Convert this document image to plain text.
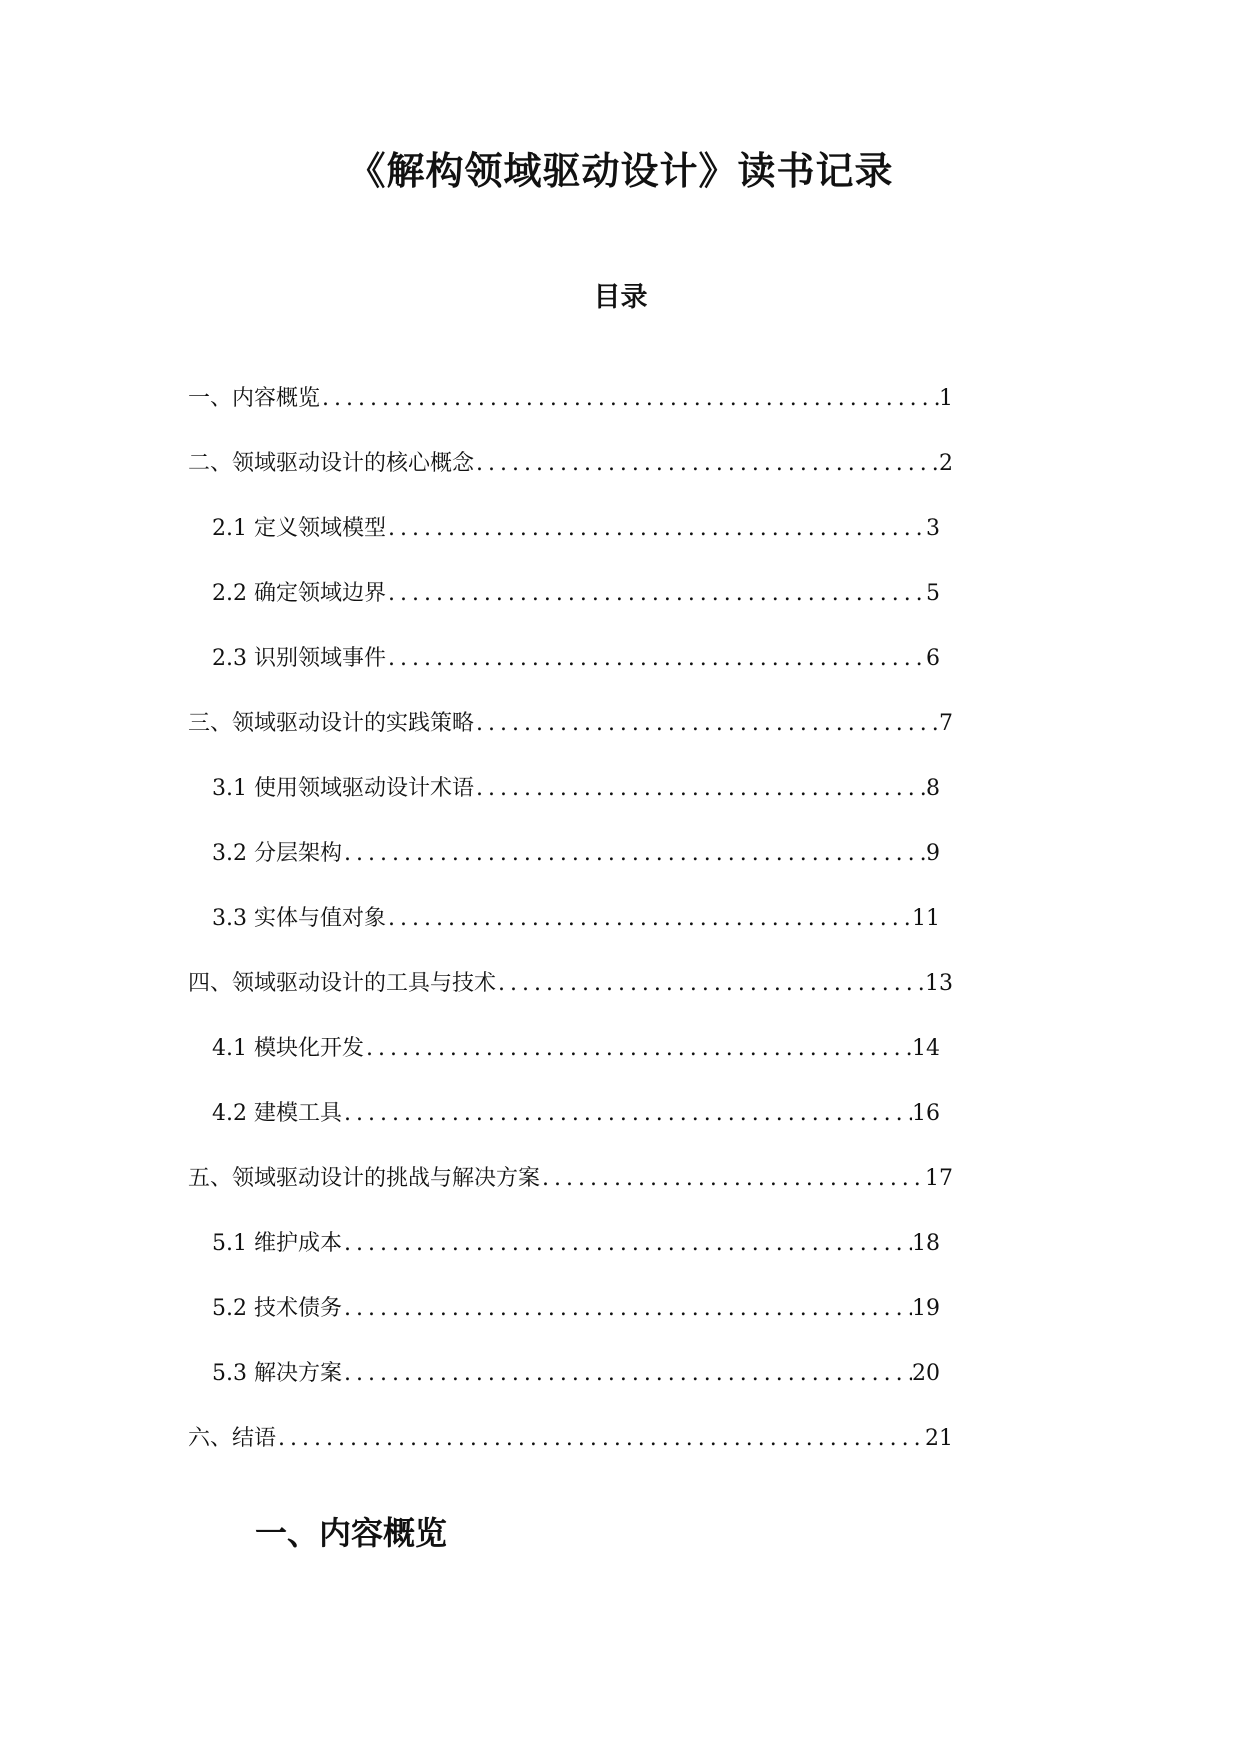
《解构领域驱动设计》读书记录
目录
一、内容概览 .....	1
二、领域驱动设计的核心概念 .....	2
2.1 定义领域模型 .....	3
2.2 确定领域边界 .....	5
2.3 识别领域事件 .....	6
三、领域驱动设计的实践策略 .....	7
3.1 使用领域驱动设计术语 .....	8
3.2 分层架构 .....	9
3.3 实体与值对象 .....	11
四、领域驱动设计的工具与技术 .....	13
4.1 模块化开发 .....	14
4.2 建模工具 .....	16
五、领域驱动设计的挑战与解决方案 .....	17
5.1 维护成本 .....	18
5.2 技术债务 .....	19
5.3 解决方案 .....	20
六、结语 .....	21
一、内容概览
